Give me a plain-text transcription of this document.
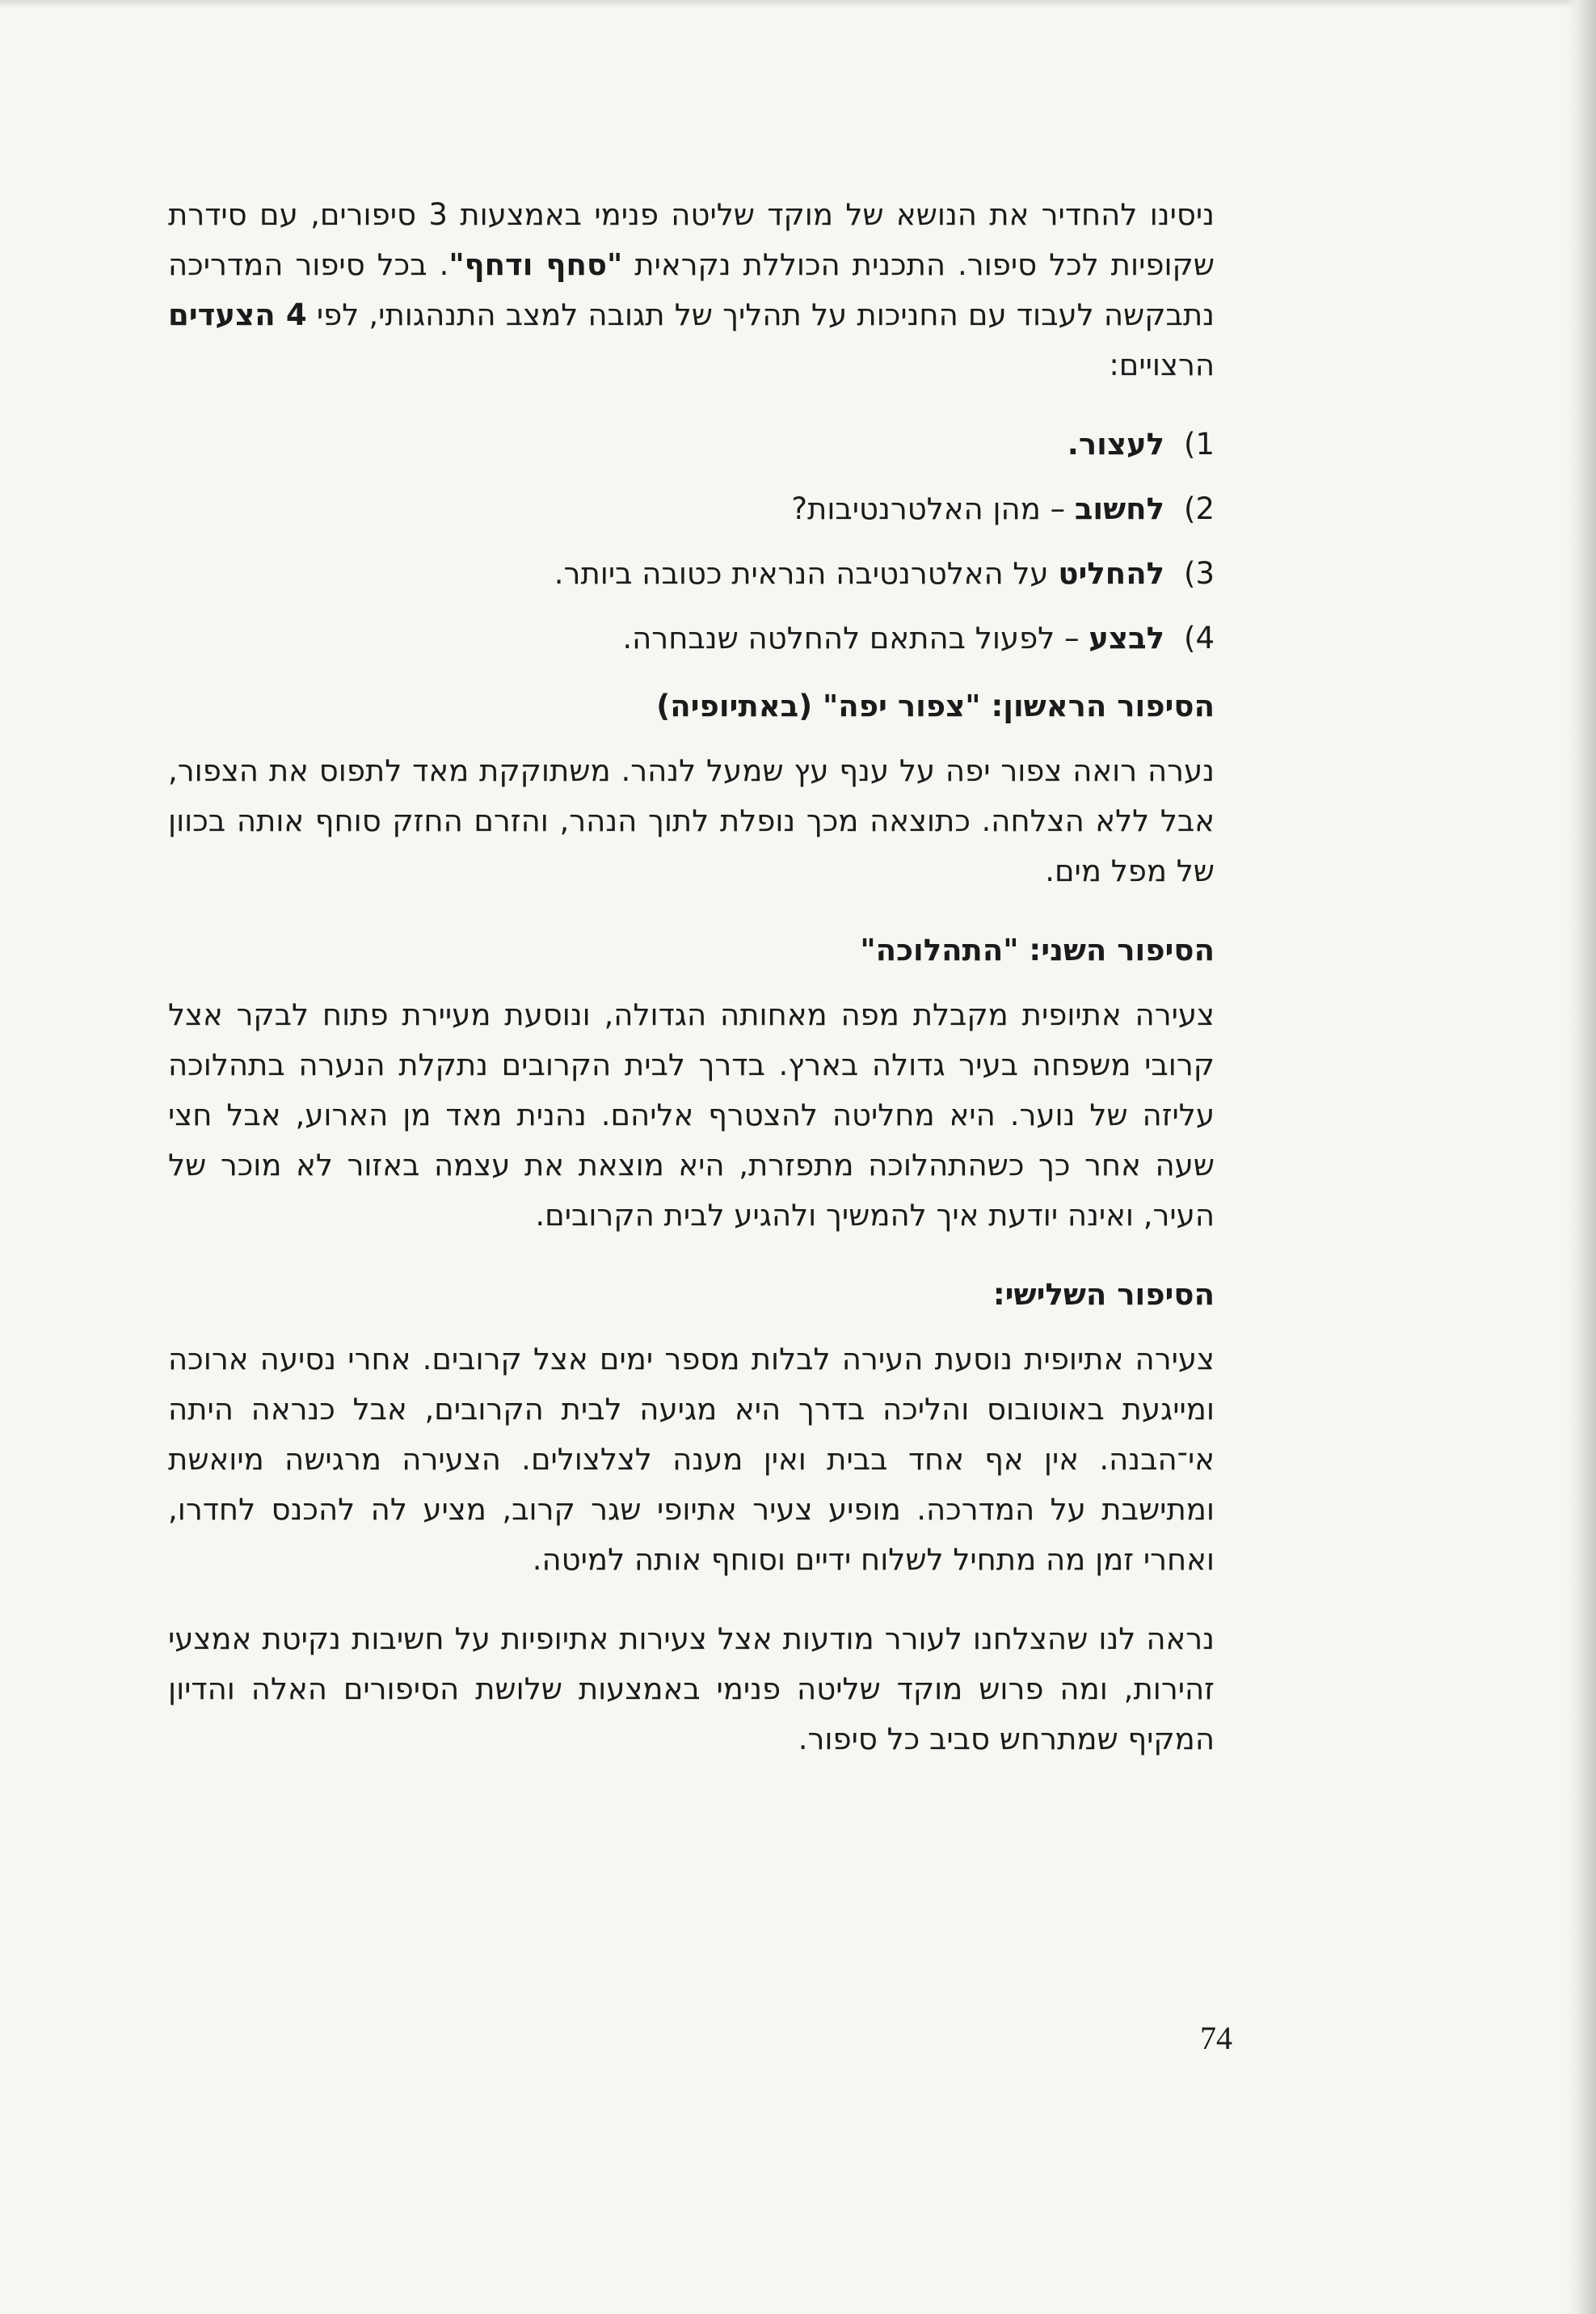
ניסינו להחדיר את הנושא של מוקד שליטה פנימי באמצעות 3 סיפורים, עם סידרת שקופיות לכל סיפור. התכנית הכוללת נקראית "סחף ודחף". בכל סיפור המדריכה נתבקשה לעבוד עם החניכות על תהליך של תגובה למצב התנהגותי, לפי 4 הצעדים הרצויים:

1)
לעצור.
2)
לחשוב – מהן האלטרנטיבות?
3)
להחליט על האלטרנטיבה הנראית כטובה ביותר.
4)
לבצע – לפעול בהתאם להחלטה שנבחרה.

הסיפור הראשון: "צפור יפה" (באתיופיה)

נערה רואה צפור יפה על ענף עץ שמעל לנהר. משתוקקת מאד לתפוס את הצפור, אבל ללא הצלחה. כתוצאה מכך נופלת לתוך הנהר, והזרם החזק סוחף אותה בכוון של מפל מים.

הסיפור השני: "התהלוכה"

צעירה אתיופית מקבלת מפה מאחותה הגדולה, ונוסעת מעיירת פתוח לבקר אצל קרובי משפחה בעיר גדולה בארץ. בדרך לבית הקרובים נתקלת הנערה בתהלוכה עליזה של נוער. היא מחליטה להצטרף אליהם. נהנית מאד מן הארוע, אבל חצי שעה אחר כך כשהתהלוכה מתפזרת, היא מוצאת את עצמה באזור לא מוכר של העיר, ואינה יודעת איך להמשיך ולהגיע לבית הקרובים.

הסיפור השלישי:

צעירה אתיופית נוסעת העירה לבלות מספר ימים אצל קרובים. אחרי נסיעה ארוכה ומייגעת באוטובוס והליכה בדרך היא מגיעה לבית הקרובים, אבל כנראה היתה אי־הבנה. אין אף אחד בבית ואין מענה לצלצולים. הצעירה מרגישה מיואשת ומתישבת על המדרכה. מופיע צעיר אתיופי שגר קרוב, מציע לה להכנס לחדרו, ואחרי זמן מה מתחיל לשלוח ידיים וסוחף אותה למיטה.

נראה לנו שהצלחנו לעורר מודעות אצל צעירות אתיופיות על חשיבות נקיטת אמצעי זהירות, ומה פרוש מוקד שליטה פנימי באמצעות שלושת הסיפורים האלה והדיון המקיף שמתרחש סביב כל סיפור.

74
